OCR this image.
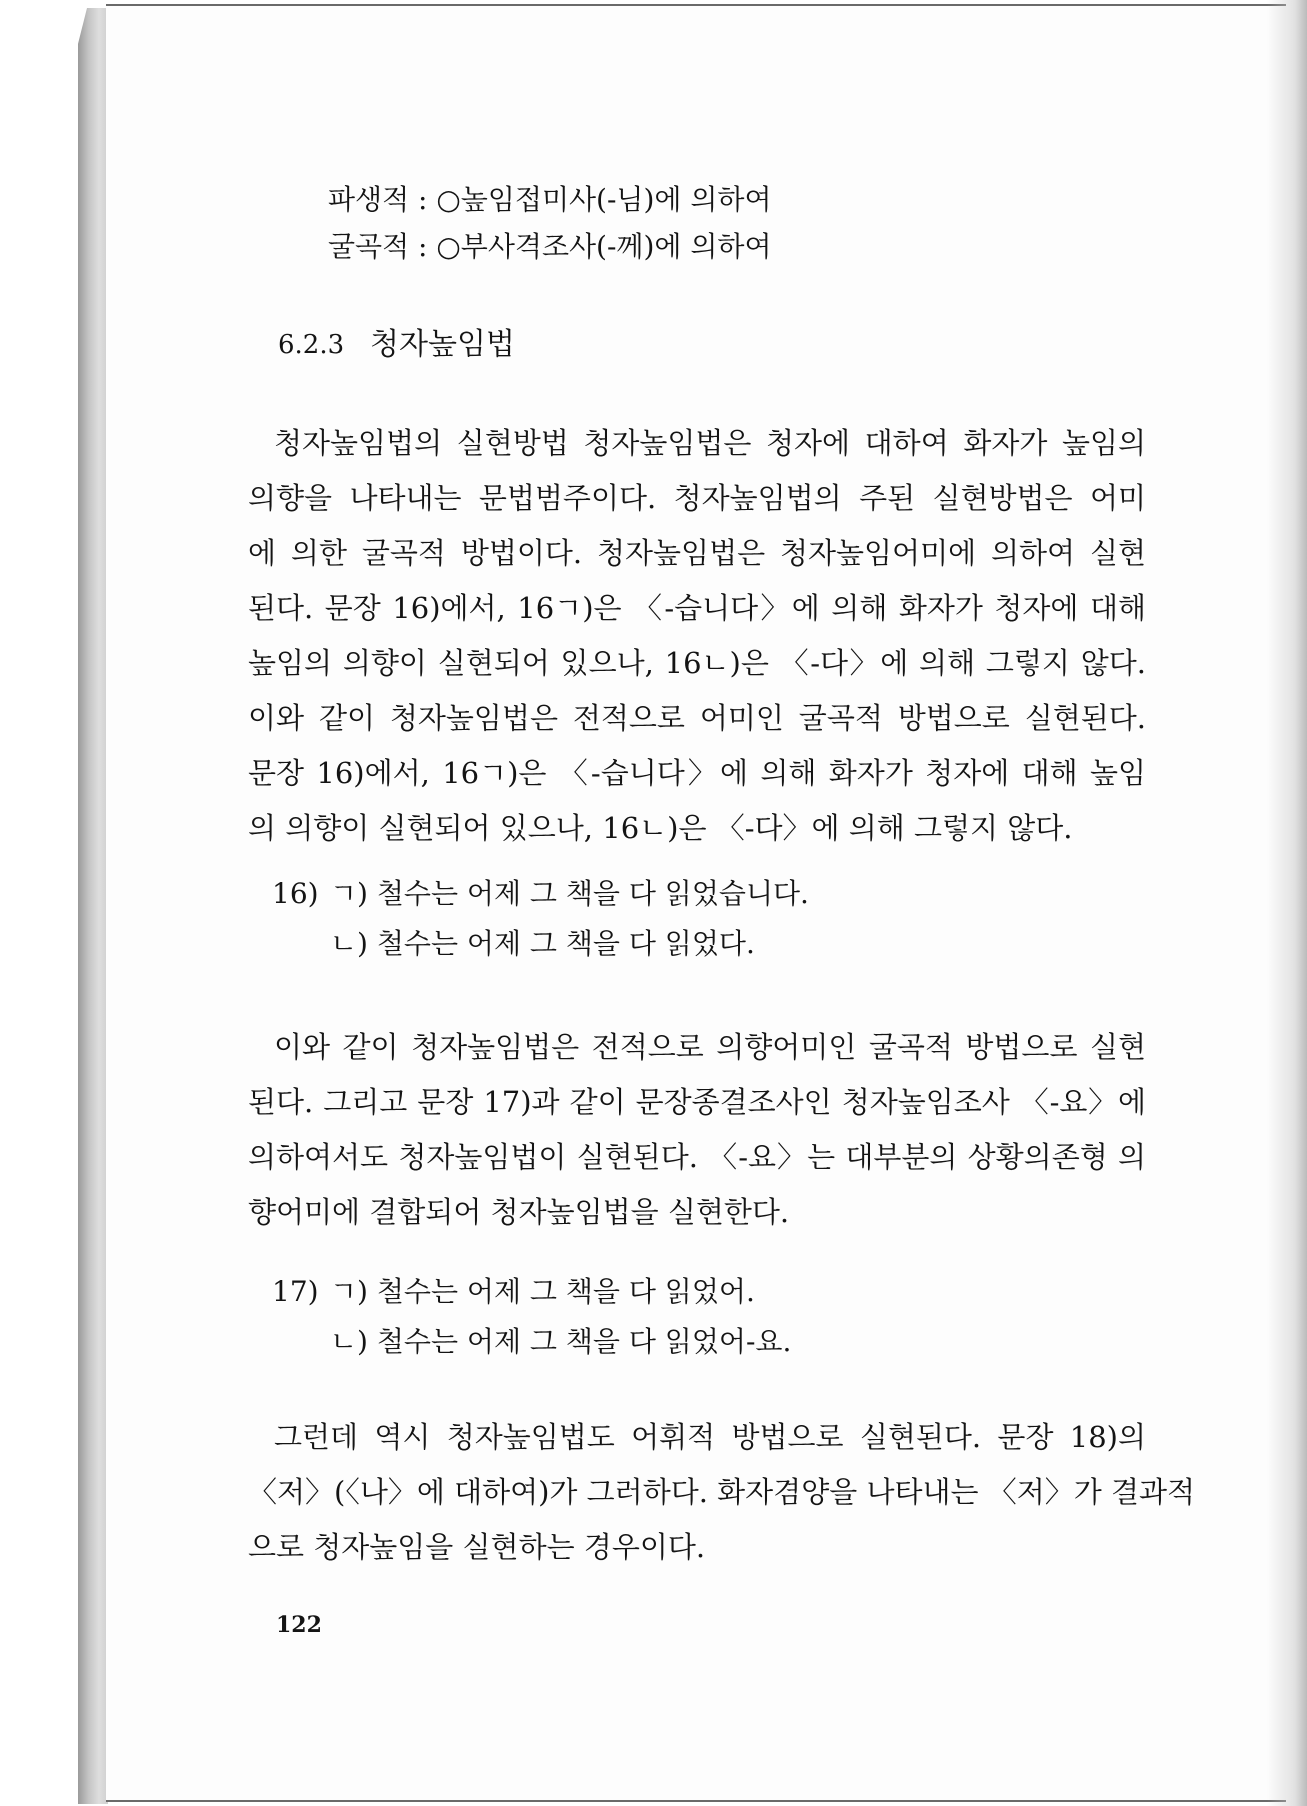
파생적 : ○높임접미사(-님)에 의하여
굴곡적 : ○부사격조사(-께)에 의하여
6.2.3 청자높임법
청자높임법의 실현방법 청자높임법은 청자에 대하여 화자가 높임의
의향을 나타내는 문법범주이다. 청자높임법의 주된 실현방법은 어미
에 의한 굴곡적 방법이다. 청자높임법은 청자높임어미에 의하여 실현
된다. 문장 16)에서, 16ㄱ)은 〈-습니다〉에 의해 화자가 청자에 대해
높임의 의향이 실현되어 있으나, 16ㄴ)은 〈-다〉에 의해 그렇지 않다.
이와 같이 청자높임법은 전적으로 어미인 굴곡적 방법으로 실현된다.
문장 16)에서, 16ㄱ)은 〈-습니다〉에 의해 화자가 청자에 대해 높임
의 의향이 실현되어 있으나, 16ㄴ)은 〈-다〉에 의해 그렇지 않다.
16) ㄱ) 철수는 어제 그 책을 다 읽었습니다.
ㄴ) 철수는 어제 그 책을 다 읽었다.
이와 같이 청자높임법은 전적으로 의향어미인 굴곡적 방법으로 실현
된다. 그리고 문장 17)과 같이 문장종결조사인 청자높임조사 〈-요〉에
의하여서도 청자높임법이 실현된다. 〈-요〉는 대부분의 상황의존형 의
향어미에 결합되어 청자높임법을 실현한다.
17) ㄱ) 철수는 어제 그 책을 다 읽었어.
ㄴ) 철수는 어제 그 책을 다 읽었어-요.
그런데 역시 청자높임법도 어휘적 방법으로 실현된다. 문장 18)의
〈저〉(〈나〉에 대하여)가 그러하다. 화자겸양을 나타내는 〈저〉가 결과적
으로 청자높임을 실현하는 경우이다.
122
